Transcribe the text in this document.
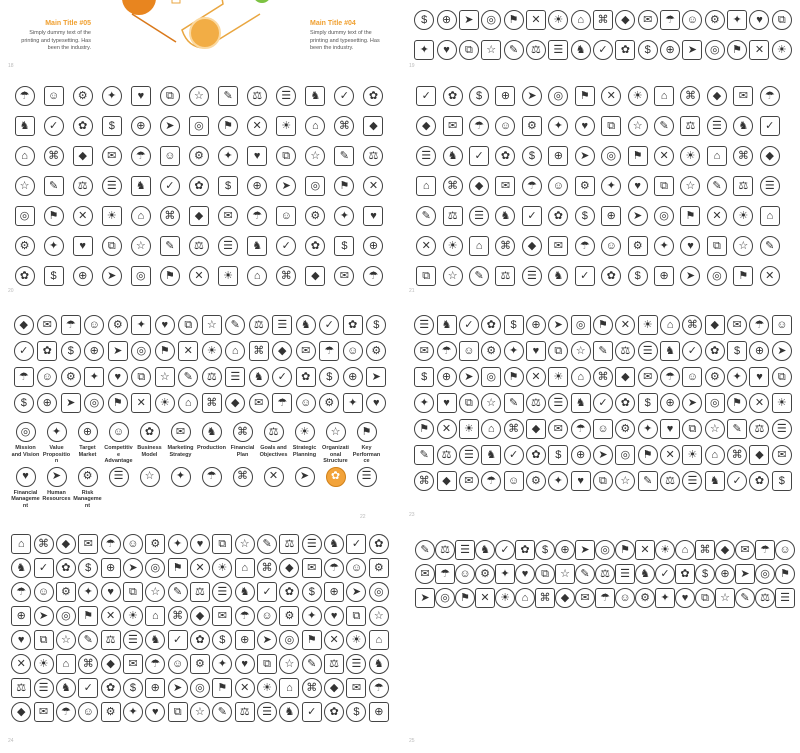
Main Title #05
Simply dummy text of the printing and typesetting. Has been the industry.
Main Title #04
Simply dummy text of the printing and typesetting. Has been the industry.
18
$	⊕	➤	◎	⚑	✕	☀	⌂	⌘	◆	✉	☂	☺	⚙	✦	♥	⧉
✦	♥	⧉	☆	✎	⚖	☰	♞	✓	✿	$	⊕	➤	◎	⚑	✕	☀
19
☂	☺	⚙	✦	♥	⧉	☆	✎	⚖	☰	♞	✓	✿
♞	✓	✿	$	⊕	➤	◎	⚑	✕	☀	⌂	⌘	◆
⌂	⌘	◆	✉	☂	☺	⚙	✦	♥	⧉	☆	✎	⚖
☆	✎	⚖	☰	♞	✓	✿	$	⊕	➤	◎	⚑	✕
◎	⚑	✕	☀	⌂	⌘	◆	✉	☂	☺	⚙	✦	♥
⚙	✦	♥	⧉	☆	✎	⚖	☰	♞	✓	✿	$	⊕
✿	$	⊕	➤	◎	⚑	✕	☀	⌂	⌘	◆	✉	☂
20
✓	✿	$	⊕	➤	◎	⚑	✕	☀	⌂	⌘	◆	✉	☂
◆	✉	☂	☺	⚙	✦	♥	⧉	☆	✎	⚖	☰	♞	✓
☰	♞	✓	✿	$	⊕	➤	◎	⚑	✕	☀	⌂	⌘	◆
⌂	⌘	◆	✉	☂	☺	⚙	✦	♥	⧉	☆	✎	⚖	☰
✎	⚖	☰	♞	✓	✿	$	⊕	➤	◎	⚑	✕	☀	⌂
✕	☀	⌂	⌘	◆	✉	☂	☺	⚙	✦	♥	⧉	☆	✎
⧉	☆	✎	⚖	☰	♞	✓	✿	$	⊕	➤	◎	⚑	✕
21
◆	✉	☂	☺	⚙	✦	♥	⧉	☆	✎	⚖	☰	♞	✓	✿	$
✓	✿	$	⊕	➤	◎	⚑	✕	☀	⌂	⌘	◆	✉	☂	☺	⚙
☂	☺	⚙	✦	♥	⧉	☆	✎	⚖	☰	♞	✓	✿	$	⊕	➤
$	⊕	➤	◎	⚑	✕	☀	⌂	⌘	◆	✉	☂	☺	⚙	✦	♥
◎
Mission and Vision
✦
Value Proposition
⊕
Target Market
☺
Competitive Advantage
✿
Business Model
✉
Marketing Strategy
♞
Production
⌘
Financial Plan
⚖
Goals and Objectives
☀
Strategic Planning
☆
Organizational Structure
⚑
Key Performance
♥
Financial Management
➤
Human Resources
⚙
Risk Management
☰	☆	✦	☂	⌘	✕	➤	✿	☰
22
☰	♞	✓	✿	$	⊕	➤	◎	⚑	✕	☀	⌂	⌘	◆	✉	☂	☺
✉	☂	☺	⚙	✦	♥	⧉	☆	✎	⚖	☰	♞	✓	✿	$	⊕	➤
$	⊕	➤	◎	⚑	✕	☀	⌂	⌘	◆	✉	☂	☺	⚙	✦	♥	⧉
✦	♥	⧉	☆	✎	⚖	☰	♞	✓	✿	$	⊕	➤	◎	⚑	✕	☀
⚑	✕	☀	⌂	⌘	◆	✉	☂	☺	⚙	✦	♥	⧉	☆	✎	⚖	☰
✎	⚖	☰	♞	✓	✿	$	⊕	➤	◎	⚑	✕	☀	⌂	⌘	◆	✉
⌘	◆	✉	☂	☺	⚙	✦	♥	⧉	☆	✎	⚖	☰	♞	✓	✿	$
23
⌂	⌘	◆	✉	☂	☺	⚙	✦	♥	⧉	☆	✎	⚖	☰	♞	✓	✿
♞	✓	✿	$	⊕	➤	◎	⚑	✕	☀	⌂	⌘	◆	✉	☂	☺	⚙
☂	☺	⚙	✦	♥	⧉	☆	✎	⚖	☰	♞	✓	✿	$	⊕	➤	◎
⊕	➤	◎	⚑	✕	☀	⌂	⌘	◆	✉	☂	☺	⚙	✦	♥	⧉	☆
♥	⧉	☆	✎	⚖	☰	♞	✓	✿	$	⊕	➤	◎	⚑	✕	☀	⌂
✕	☀	⌂	⌘	◆	✉	☂	☺	⚙	✦	♥	⧉	☆	✎	⚖	☰	♞
⚖	☰	♞	✓	✿	$	⊕	➤	◎	⚑	✕	☀	⌂	⌘	◆	✉	☂
◆	✉	☂	☺	⚙	✦	♥	⧉	☆	✎	⚖	☰	♞	✓	✿	$	⊕
24
✎ ⚖ ☰ ♞ ✓ ✿	$	⊕ ➤ ◎ ⚑ ✕ ☀	⌂	⌘ ◆	✉ ☂ ☺
✉ ☂ ☺ ⚙ ✦	♥	⧉	☆ ✎ ⚖ ☰ ♞ ✓ ✿	$	⊕ ➤ ◎ ⚑
➤ ◎ ⚑ ✕ ☀	⌂	⌘ ◆	✉ ☂ ☺ ⚙ ✦	♥	⧉	☆ ✎ ⚖ ☰
25
